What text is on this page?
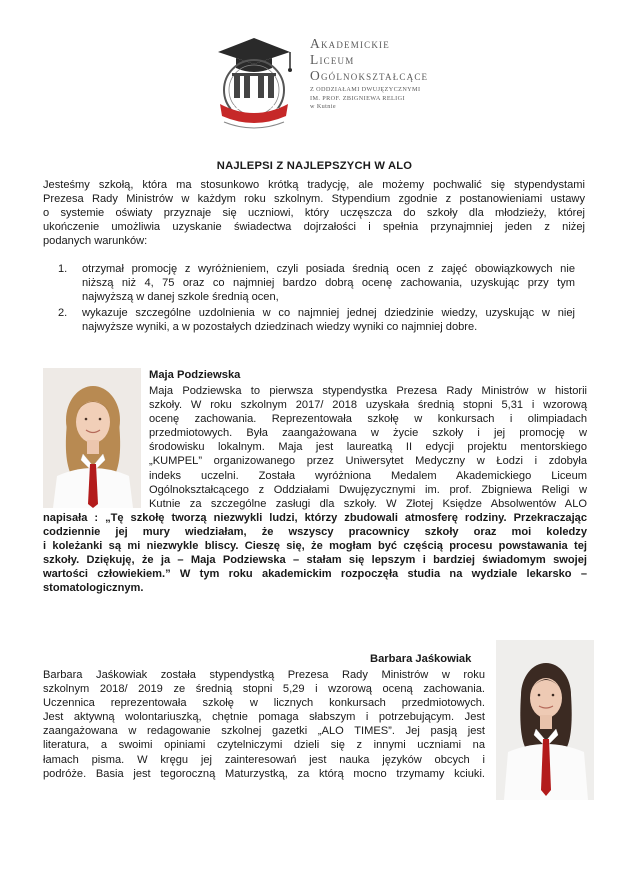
ALO w KUTNIE
Akademickie
Liceum
Ogólnokształcące
Z ODDZIAŁAMI DWUJĘZYCZNYMI
IM. PROF. ZBIGNIEWA RELIGI
w Kutnie
NAJLEPSI Z NAJLEPSZYCH W ALO
Jesteśmy szkołą, która ma stosunkowo krótką tradycję, ale możemy pochwalić się stypendystami
Prezesa Rady Ministrów w każdym roku szkolnym. Stypendium zgodnie z postanowieniami ustawy
o systemie oświaty przyznaje się uczniowi, który uczęszcza do szkoły dla młodzieży, której
ukończenie umożliwia uzyskanie świadectwa dojrzałości i spełnia przynajmniej jeden z niżej
podanych warunków:
1. otrzymał promocję z wyróżnieniem, czyli posiada średnią ocen z zajęć obowiązkowych nie
niższą niż 4, 75 oraz co najmniej bardzo dobrą ocenę zachowania, uzyskując przy tym
najwyższą w danej szkole średnią ocen,
2. wykazuje szczególne uzdolnienia w co najmniej jednej dziedzinie wiedzy, uzyskując w niej
najwyższe wyniki, a w pozostałych dziedzinach wiedzy wyniki co najmniej dobre.
Maja Podziewska
Maja Podziewska to pierwsza stypendystka Prezesa Rady Ministrów w historii
szkoły. W roku szkolnym 2017/ 2018 uzyskała średnią stopni 5,31 i wzorową
ocenę zachowania. Reprezentowała szkołę w konkursach i olimpiadach
przedmiotowych. Była zaangażowana w życie szkoły i jej promocję w
środowisku lokalnym. Maja jest laureatką II edycji projektu mentorskiego
„KUMPEL” organizowanego przez Uniwersytet Medyczny w Łodzi i zdobyła
indeks uczelni. Została wyróżniona Medalem Akademickiego Liceum
Ogólnokształcącego z Oddziałami Dwujęzycznymi im. prof. Zbigniewa Religi w
Kutnie za szczególne zasługi dla szkoły. W Złotej Księdze Absolwentów ALO
napisała : „Tę szkołę tworzą niezwykli ludzi, którzy zbudowali atmosferę rodziny. Przekraczając
codziennie jej mury wiedziałam, że wszyscy pracownicy szkoły oraz moi koledzy
i koleżanki są mi niezwykle bliscy. Cieszę się, że mogłam być częścią procesu powstawania tej
szkoły. Dziękuję, że ja – Maja Podziewska – stałam się lepszym i bardziej świadomym swojej
wartości człowiekiem.” W tym roku akademickim rozpoczęła studia na wydziale lekarsko –
stomatologicznym.
Barbara Jaśkowiak
Barbara Jaśkowiak została stypendystką Prezesa Rady Ministrów w roku
szkolnym 2018/ 2019 ze średnią stopni 5,29 i wzorową oceną zachowania.
Uczennica reprezentowała szkołę w licznych konkursach przedmiotowych.
Jest aktywną wolontariuszką, chętnie pomaga słabszym i potrzebującym. Jest
zaangażowana w redagowanie szkolnej gazetki „ALO TIMES”. Jej pasją jest
literatura, a swoimi opiniami czytelniczymi dzieli się z innymi uczniami na
łamach pisma. W kręgu jej zainteresowań jest nauka języków obcych i
podróże. Basia jest tegoroczną Maturzystką, za którą mocno trzymamy kciuki.
